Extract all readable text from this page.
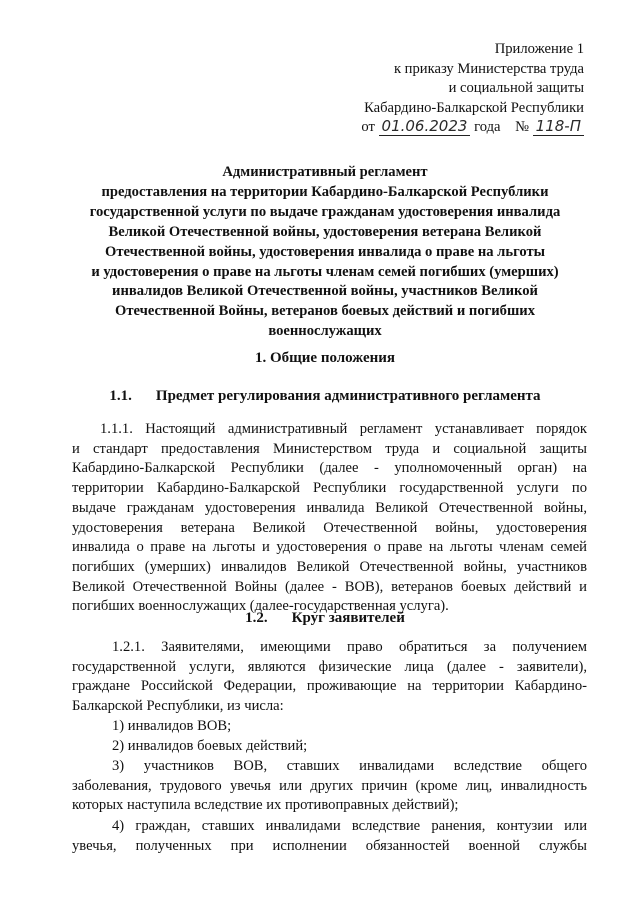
Приложение 1
к приказу Министерства труда
и социальной защиты
Кабардино-Балкарской Республики
от 01.06.2023 года № 118-П
Административный регламент
предоставления на территории Кабардино-Балкарской Республики
государственной услуги по выдаче гражданам удостоверения инвалида
Великой Отечественной войны, удостоверения ветерана Великой
Отечественной войны, удостоверения инвалида о праве на льготы
и удостоверения о праве на льготы членам семей погибших (умерших)
инвалидов Великой Отечественной войны, участников Великой
Отечественной Войны, ветеранов боевых действий и погибших
военнослужащих
1. Общие положения
1.1. Предмет регулирования административного регламента
1.1.1. Настоящий административный регламент устанавливает порядок
и стандарт предоставления Министерством труда и социальной защиты
Кабардино-Балкарской Республики (далее - уполномоченный орган) на
территории Кабардино-Балкарской Республики государственной услуги по
выдаче гражданам удостоверения инвалида Великой Отечественной войны,
удостоверения ветерана Великой Отечественной войны, удостоверения
инвалида о праве на льготы и удостоверения о праве на льготы членам семей
погибших (умерших) инвалидов Великой Отечественной войны, участников
Великой Отечественной Войны (далее - ВОВ), ветеранов боевых действий и
погибших военнослужащих (далее-государственная услуга).
1.2. Круг заявителей
1.2.1. Заявителями, имеющими право обратиться за получением
государственной услуги, являются физические лица (далее - заявители),
граждане Российской Федерации, проживающие на территории Кабардино-
Балкарской Республики, из числа:
1) инвалидов ВОВ;
2) инвалидов боевых действий;
3) участников ВОВ, ставших инвалидами вследствие общего
заболевания, трудового увечья или других причин (кроме лиц, инвалидность
которых наступила вследствие их противоправных действий);
4) граждан, ставших инвалидами вследствие ранения, контузии или
увечья, полученных при исполнении обязанностей военной службы
